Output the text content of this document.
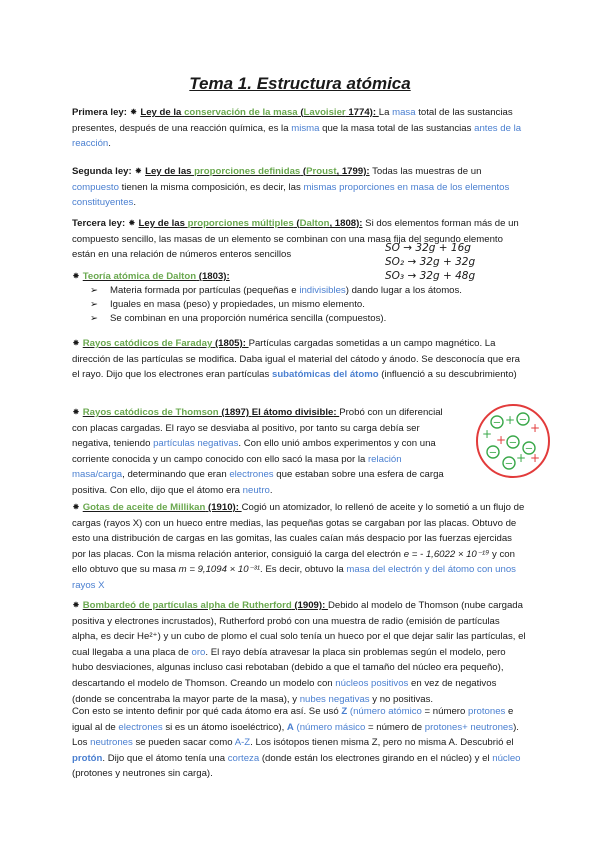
Tema 1. Estructura atómica

Primera ley: ⁕ Ley de la conservación de la masa (Lavoisier 1774): La masa total de las sustancias presentes, después de una reacción química, es la misma que la masa total de las sustancias antes de la reacción.

Segunda ley: ⁕ Ley de las proporciones definidas (Proust, 1799): Todas las muestras de un compuesto tienen la misma composición, es decir, las mismas proporciones en masa de los elementos constituyentes.

Tercera ley: ⁕ Ley de las proporciones múltiples (Dalton, 1808): Si dos elementos forman más de un compuesto sencillo, las masas de un elemento se combinan con una masa fija del segundo elemento están en una relación de números enteros sencillos

SO → 32g + 16g
SO₂ → 32g + 32g
SO₃ → 32g + 48g

⁕ Teoría atómica de Dalton (1803):

➢ Materia formada por partículas (pequeñas e indivisibles) dando lugar a los átomos.
➢ Iguales en masa (peso) y propiedades, un mismo elemento.
➢ Se combinan en una proporción numérica sencilla (compuestos).

⁕ Rayos catódicos de Faraday (1805): Partículas cargadas sometidas a un campo magnético. La dirección de las partículas se modifica. Daba igual el material del cátodo y ánodo. Se desconocía que era el rayo. Dijo que los electrones eran partículas subatómicas del átomo (influenció a su descubrimiento)

⁕ Rayos catódicos de Thomson (1897) El átomo divisible: Probó con un diferencial con placas cargadas. El rayo se desviaba al positivo, por tanto su carga debía ser negativa, teniendo partículas negativas. Con ello unió ambos experimentos y con una corriente conocida y un campo conocido con ello sacó la masa por la relación masa/carga, determinando que eran electrones que estaban sobre una esfera de carga positiva. Con ello, dijo que el átomo era neutro.

− −
−
−	−
−
+
+
+ +
+ +

⁕ Gotas de aceite de Millikan (1910): Cogió un atomizador, lo rellenó de aceite y lo sometió a un flujo de cargas (rayos X) con un hueco entre medias, las pequeñas gotas se cargaban por las placas. Obtuvo de esto una distribución de cargas en las gomitas, las cuales caían más despacio por las fuerzas ejercidas por las placas. Con la misma relación anterior, consiguió la carga del electrón e = - 1,6022 × 10⁻¹⁹ y con ello obtuvo que su masa m = 9,1094 × 10⁻³¹. Es decir, obtuvo la masa del electrón y del átomo con unos rayos X

⁕ Bombardeó de partículas alpha de Rutherford (1909): Debido al modelo de Thomson (nube cargada positiva y electrones incrustados), Rutherford probó con una muestra de radio (emisión de partículas alpha, es decir He²⁺) y un cubo de plomo el cual solo tenía un hueco por el que dejar salir las partículas, el cual llegaba a una placa de oro. El rayo debía atravesar la placa sin problemas según el modelo, pero hubo desviaciones, algunas incluso casi rebotaban (debido a que el tamaño del núcleo era pequeño), descartando el modelo de Thomson. Creando un modelo con núcleos positivos en vez de negativos (donde se concentraba la mayor parte de la masa), y nubes negativas y no positivas.

Con esto se intento definir por qué cada átomo era así. Se usó Z (número atómico = número protones e igual al de electrones si es un átomo isoeléctrico), A (número másico = número de protones+ neutrones). Los neutrones se pueden sacar como A-Z. Los isótopos tienen misma Z, pero no misma A. Descubrió el protón. Dijo que el átomo tenía una corteza (donde están los electrones girando en el núcleo) y el núcleo (protones y neutrones sin carga).
